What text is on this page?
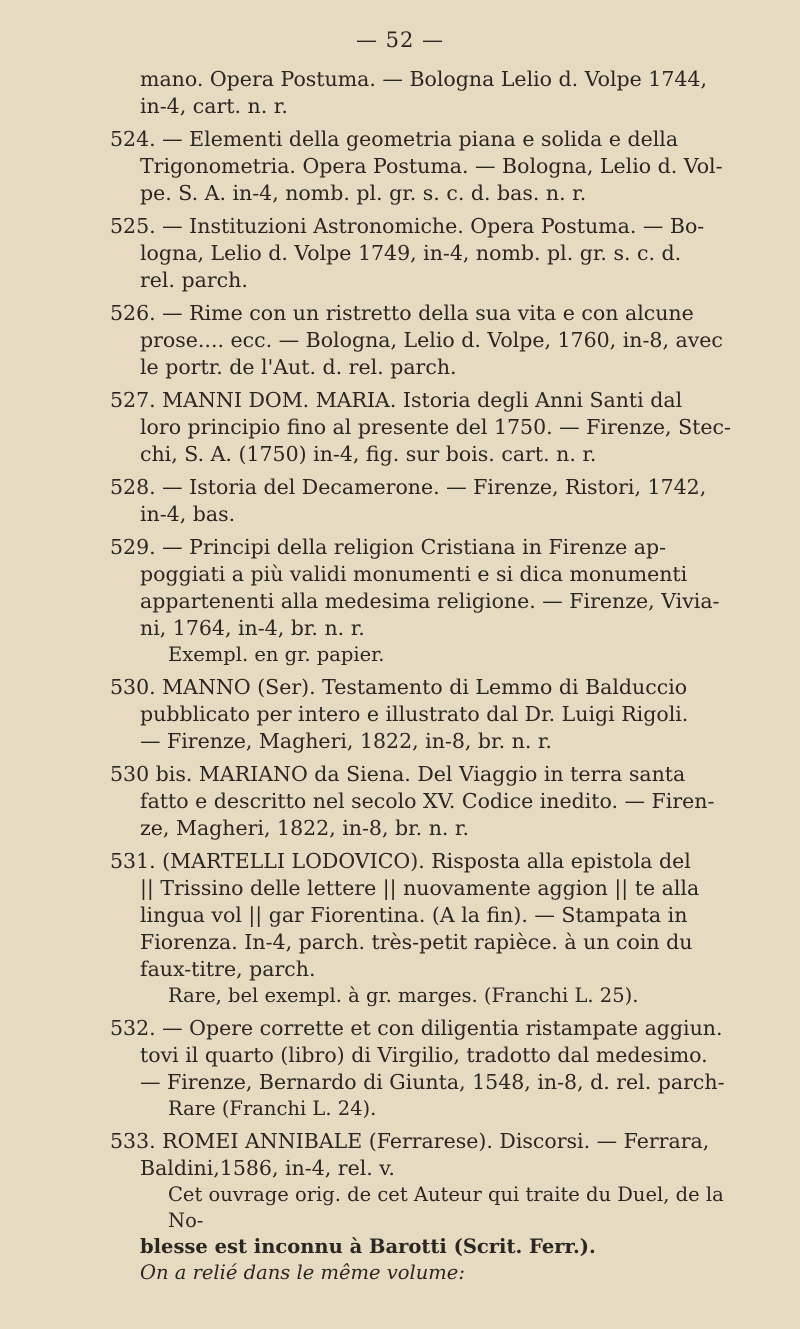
— 52 —
mano. Opera Postuma. — Bologna Lelio d. Volpe 1744,
in-4, cart. n. r.
524. — Elementi della geometria piana e solida e della
Trigonometria. Opera Postuma. — Bologna, Lelio d. Vol-
pe. S. A. in-4, nomb. pl. gr. s. c. d. bas. n. r.
525. — Instituzioni Astronomiche. Opera Postuma. — Bo-
logna, Lelio d. Volpe 1749, in-4, nomb. pl. gr. s. c. d.
rel. parch.
526. — Rime con un ristretto della sua vita e con alcune
prose.... ecc. — Bologna, Lelio d. Volpe, 1760, in-8, avec
le portr. de l'Aut. d. rel. parch.
527. MANNI DOM. MARIA. Istoria degli Anni Santi dal
loro principio fino al presente del 1750. — Firenze, Stec-
chi, S. A. (1750) in-4, fig. sur bois. cart. n. r.
528. — Istoria del Decamerone. — Firenze, Ristori, 1742,
in-4, bas.
529. — Principi della religion Cristiana in Firenze ap-
poggiati a più validi monumenti e si dica monumenti
appartenenti alla medesima religione. — Firenze, Vivia-
ni, 1764, in-4, br. n. r.
Exempl. en gr. papier.
530. MANNO (Ser). Testamento di Lemmo di Balduccio
pubblicato per intero e illustrato dal Dr. Luigi Rigoli.
— Firenze, Magheri, 1822, in-8, br. n. r.
530 bis. MARIANO da Siena. Del Viaggio in terra santa
fatto e descritto nel secolo XV. Codice inedito. — Firen-
ze, Magheri, 1822, in-8, br. n. r.
531. (MARTELLI LODOVICO). Risposta alla epistola del
|| Trissino delle lettere || nuovamente aggion || te alla
lingua vol || gar Fiorentina. (A la fin). — Stampata in
Fiorenza. In-4, parch. très-petit rapièce. à un coin du
faux-titre, parch.
Rare, bel exempl. à gr. marges. (Franchi L. 25).
532. — Opere corrette et con diligentia ristampate aggiun.
tovi il quarto (libro) di Virgilio, tradotto dal medesimo.
— Firenze, Bernardo di Giunta, 1548, in-8, d. rel. parch-
Rare (Franchi L. 24).
533. ROMEI ANNIBALE (Ferrarese). Discorsi. — Ferrara,
Baldini,1586, in-4, rel. v.
Cet ouvrage orig. de cet Auteur qui traite du Duel, de la No-
blesse est inconnu à Barotti (Scrit. Ferr.).
On a relié dans le même volume:
